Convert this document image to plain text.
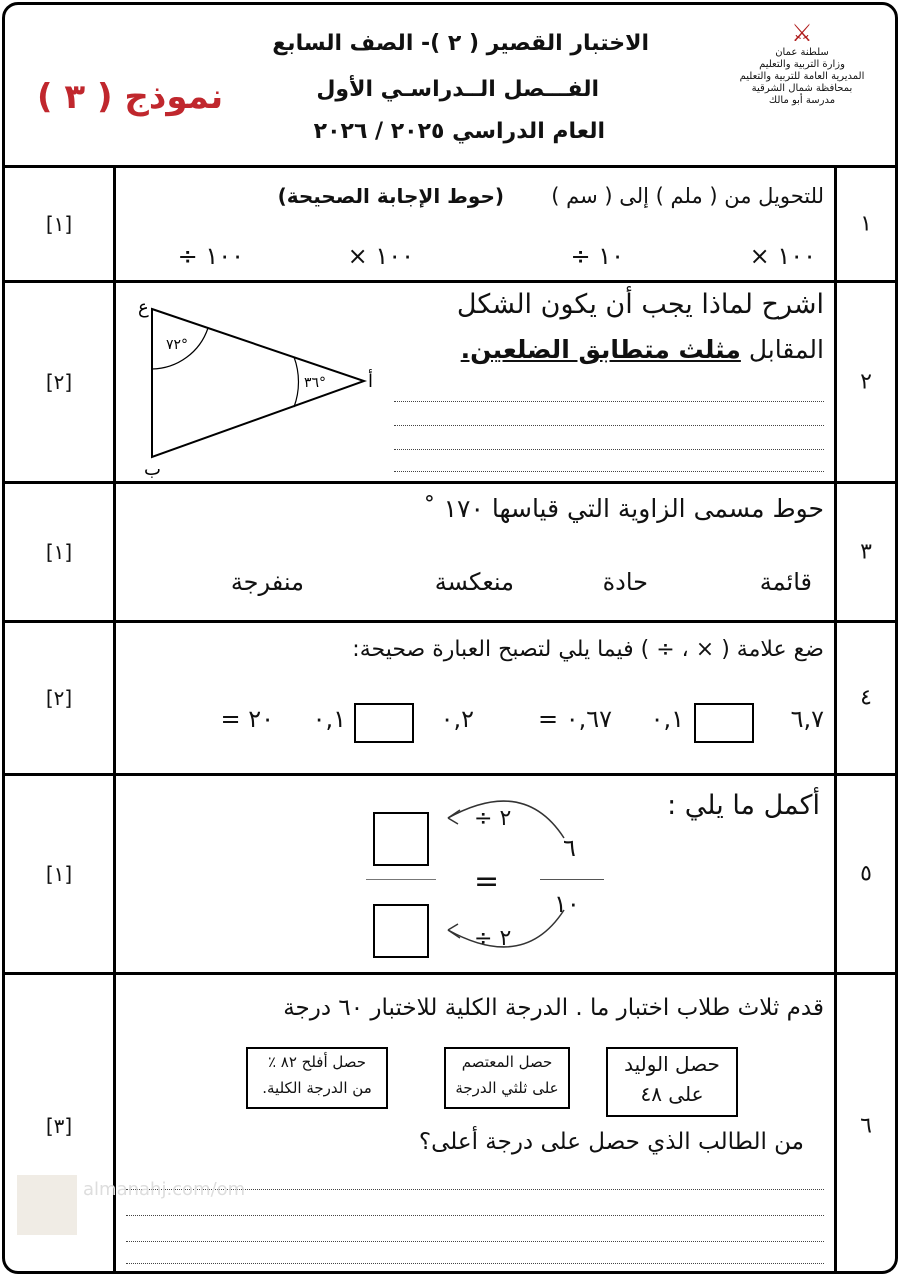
⚔
سلطنة عمان
وزارة التربية والتعليم
المديرية العامة للتربية والتعليم
بمحافظة شمال الشرقية
مدرسة أبو مالك
الاختبار القصير ( ٢ )- الصف السابع
الفـــصل الــدراسـي الأول
العام الدراسي ٢٠٢٥ / ٢٠٢٦
نموذج ( ٣ )
١
[١]
للتحويل من ( ملم ) إلى ( سم )
(حوط الإجابة الصحيحة)
× ١٠٠
÷ ١٠
× ١٠٠
÷ ١٠٠
٢
[٢]
اشرح لماذا يجب أن يكون الشكل
المقابل مثلث متطابق الضلعين.
ع
أ
ب
٧٢°
٣٦°
٣
[١]
حوط مسمى الزاوية التي قياسها ١٧٠ ˚
قائمة
حادة
منعكسة
منفرجة
٤
[٢]
ضع علامة ( × ، ÷ ) فيما يلي لتصبح العبارة صحيحة:
٦,٧
٠,١
= ٠,٦٧
٠,٢
٠,١
= ٢٠
٥
[١]
أكمل ما يلي :
=
٦
١٠
÷ ٢
÷ ٢
٦
[٣]
قدم ثلاث طلاب اختبار ما . الدرجة الكلية للاختبار ٦٠ درجة
حصل الوليد
على ٤٨
حصل المعتصم
على ثلثي الدرجة
حصل أفلح ٨٢ ٪
من الدرجة الكلية.
من الطالب الذي حصل على درجة أعلى؟
almanahj.com/om
